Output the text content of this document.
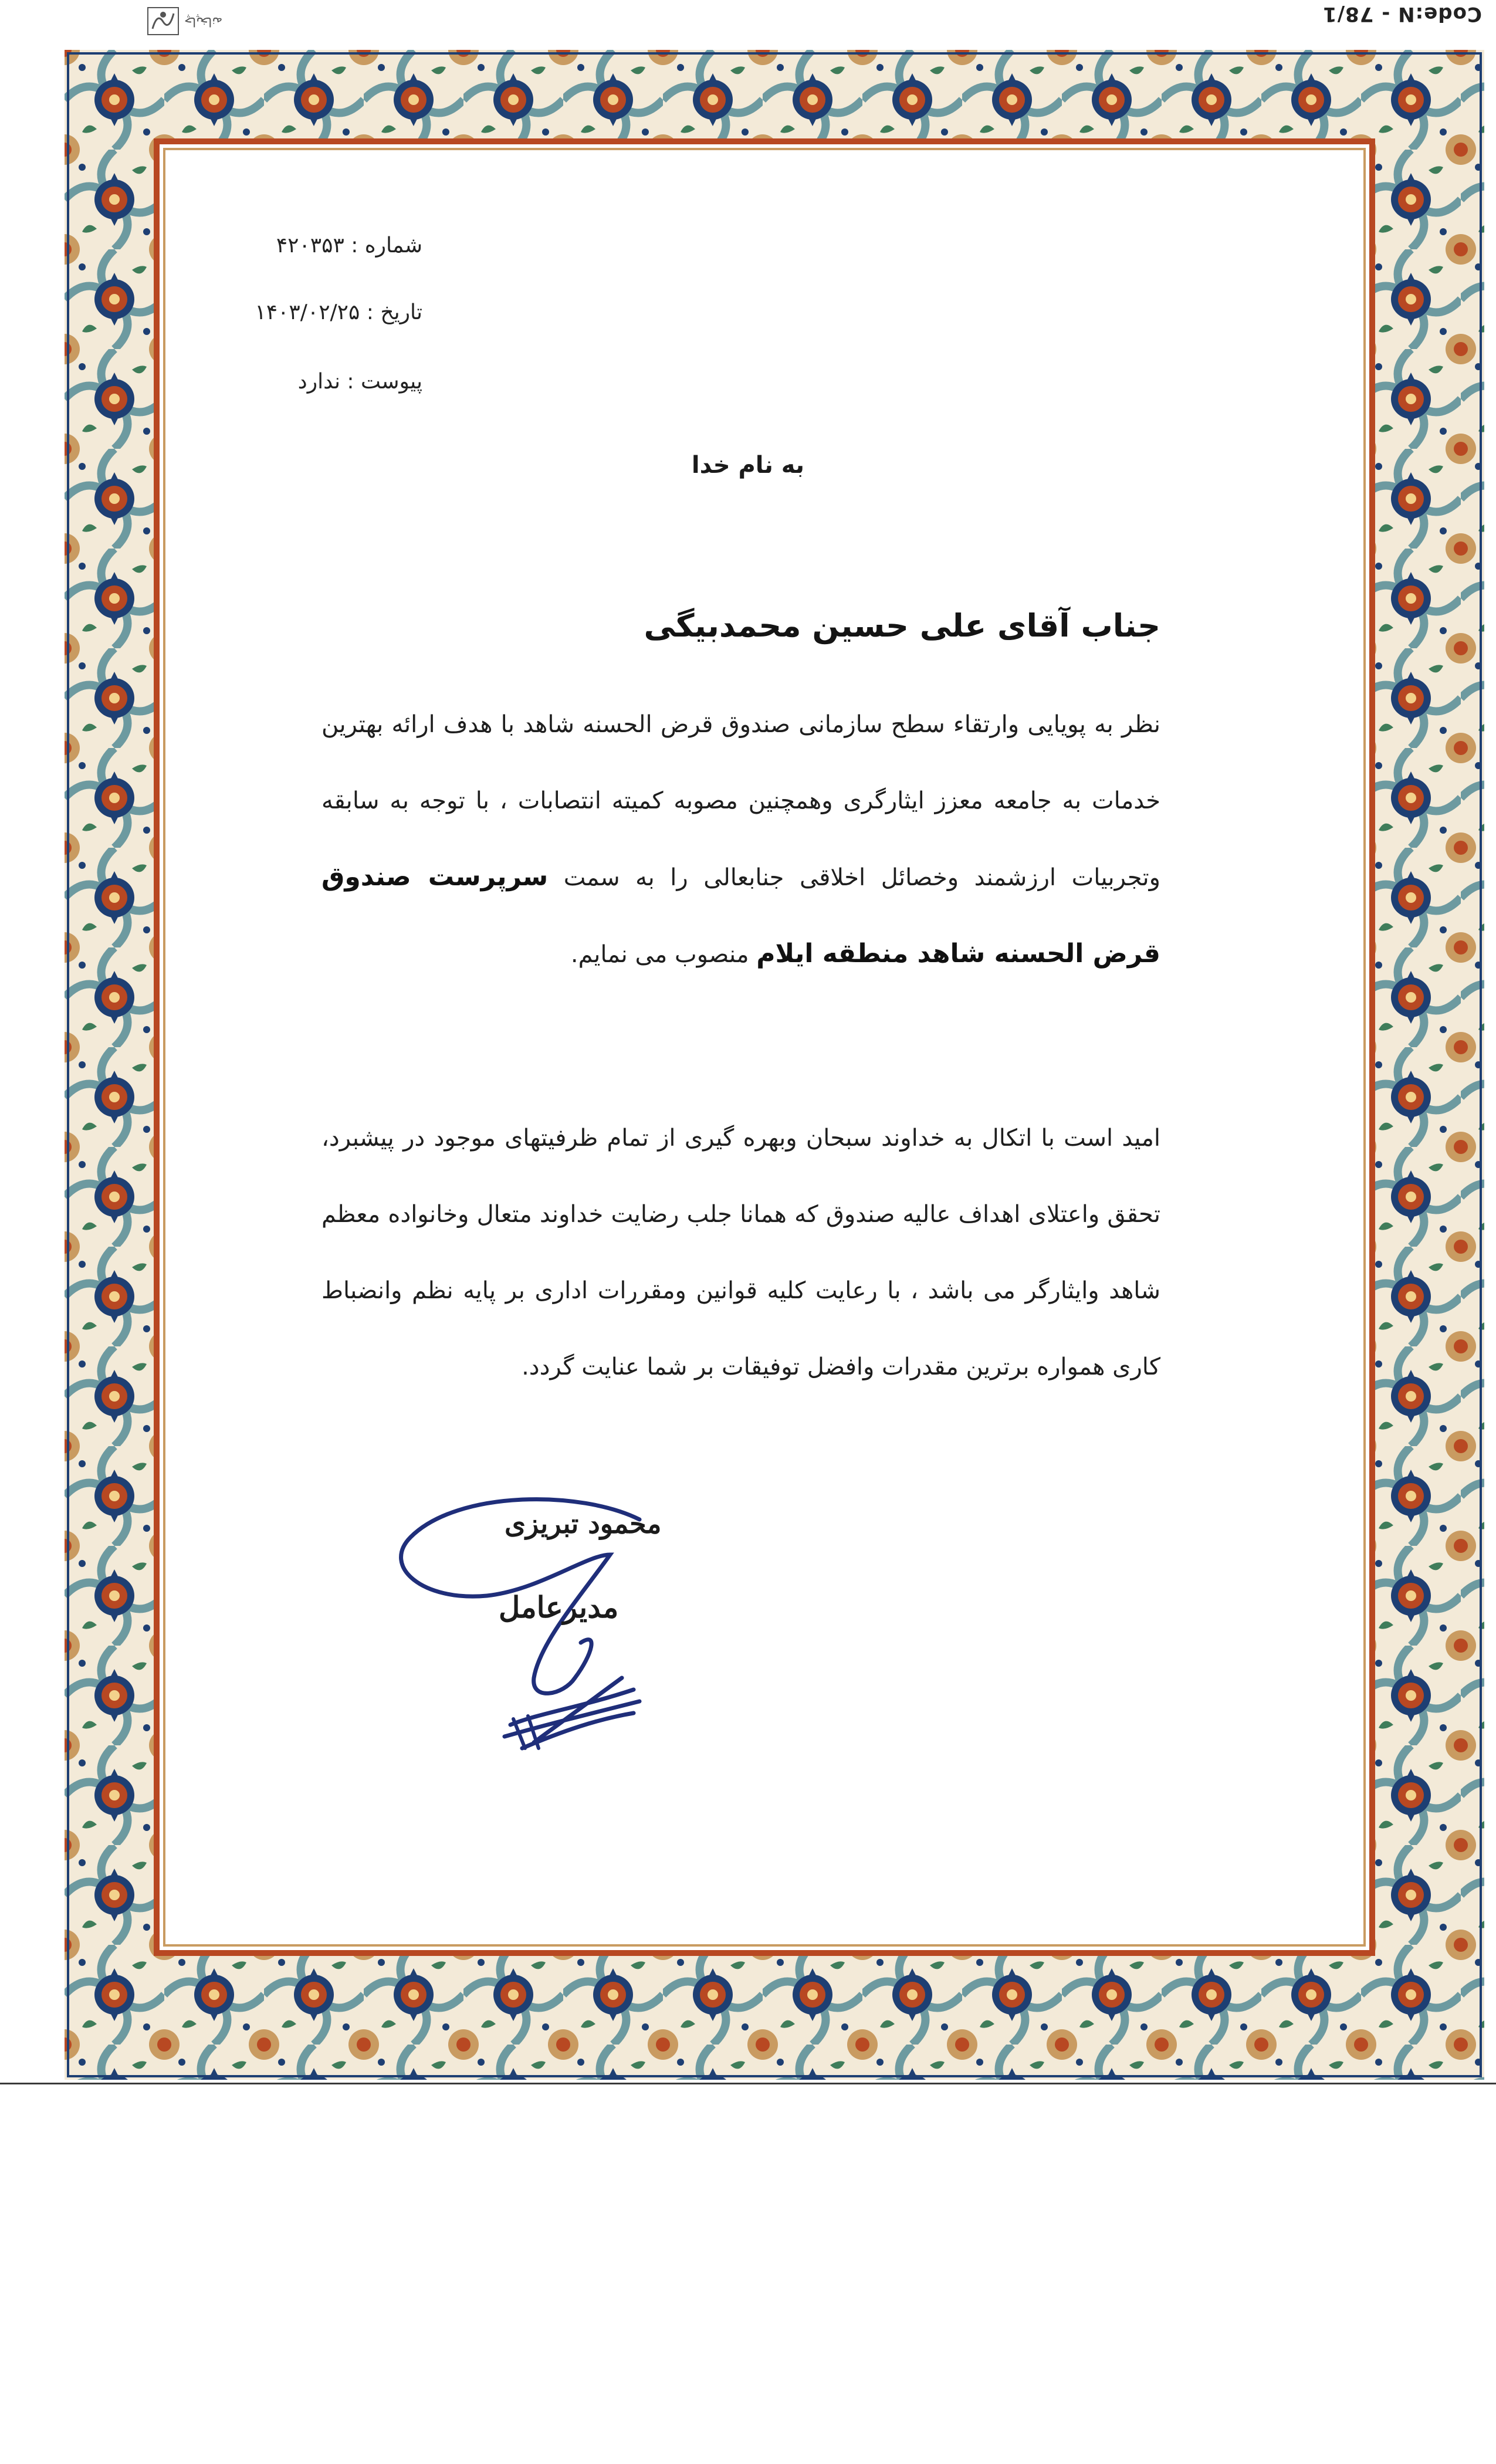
Code:N - 78/1
چاپخانه
شماره : ۴۲۰۳۵۳
تاریخ : ۱۴۰۳/۰۲/۲۵
پیوست : ندارد
به نام خدا
جناب آقای علی حسین محمدبیگی
نظر به پویایی وارتقاء سطح سازمانی صندوق قرض الحسنه شاهد با هدف ارائه بهترین خدمات به جامعه معزز ایثارگری وهمچنین مصوبه کمیته انتصابات ، با توجه به سابقه وتجربیات ارزشمند وخصائل اخلاقی جنابعالی را به سمت سرپرست صندوق قرض الحسنه شاهد منطقه ایلام منصوب می نمایم.
امید است با اتکال به خداوند سبحان وبهره گیری از تمام ظرفیتهای موجود در پیشبرد، تحقق واعتلای اهداف عالیه صندوق که همانا جلب رضایت خداوند متعال وخانواده معظم شاهد وایثارگر می باشد ، با رعایت کلیه قوانین ومقررات اداری بر پایه نظم وانضباط کاری همواره برترین مقدرات وافضل توفیقات بر شما عنایت گردد.
محمود تبریزی
مدیرعامل
